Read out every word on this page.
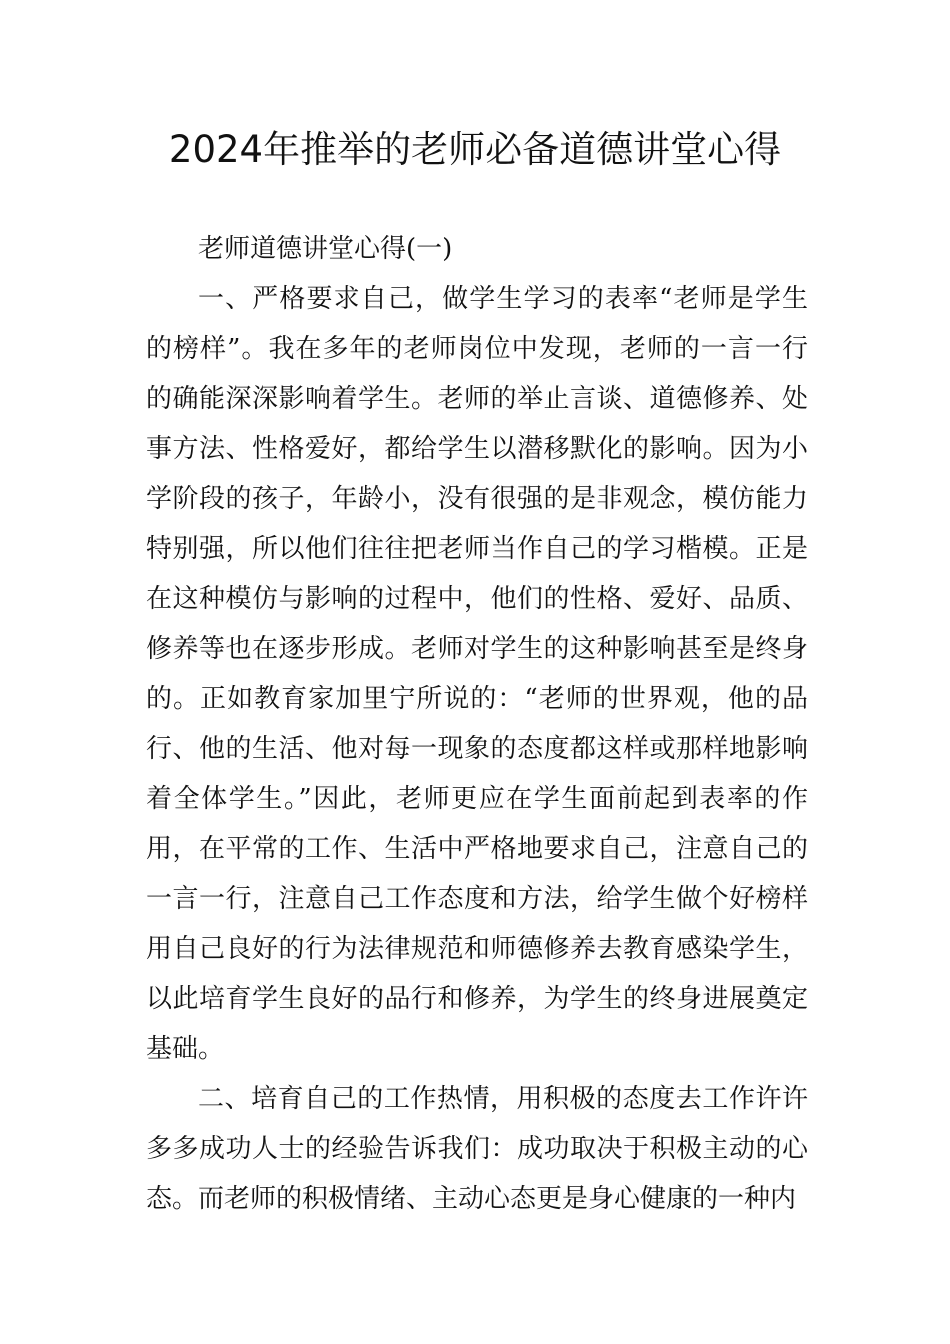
2024年推举的老师必备道德讲堂心得

老师道德讲堂心得(一)

一、严格要求自己，做学生学习的表率“老师是学生的榜样”。我在多年的老师岗位中发现，老师的一言一行的确能深深影响着学生。老师的举止言谈、道德修养、处事方法、性格爱好，都给学生以潜移默化的影响。因为小学阶段的孩子，年龄小，没有很强的是非观念，模仿能力特别强，所以他们往往把老师当作自己的学习楷模。正是在这种模仿与影响的过程中，他们的性格、爱好、品质、修养等也在逐步形成。老师对学生的这种影响甚至是终身的。正如教育家加里宁所说的：“老师的世界观，他的品行、他的生活、他对每一现象的态度都这样或那样地影响着全体学生。”因此，老师更应在学生面前起到表率的作用，在平常的工作、生活中严格地要求自己，注意自己的一言一行，注意自己工作态度和方法，给学生做个好榜样用自己良好的行为法律规范和师德修养去教育感染学生，以此培育学生良好的品行和修养，为学生的终身进展奠定基础。

二、培育自己的工作热情，用积极的态度去工作许许多多成功人士的经验告诉我们：成功取决于积极主动的心态。而老师的积极情绪、主动心态更是身心健康的一种内
